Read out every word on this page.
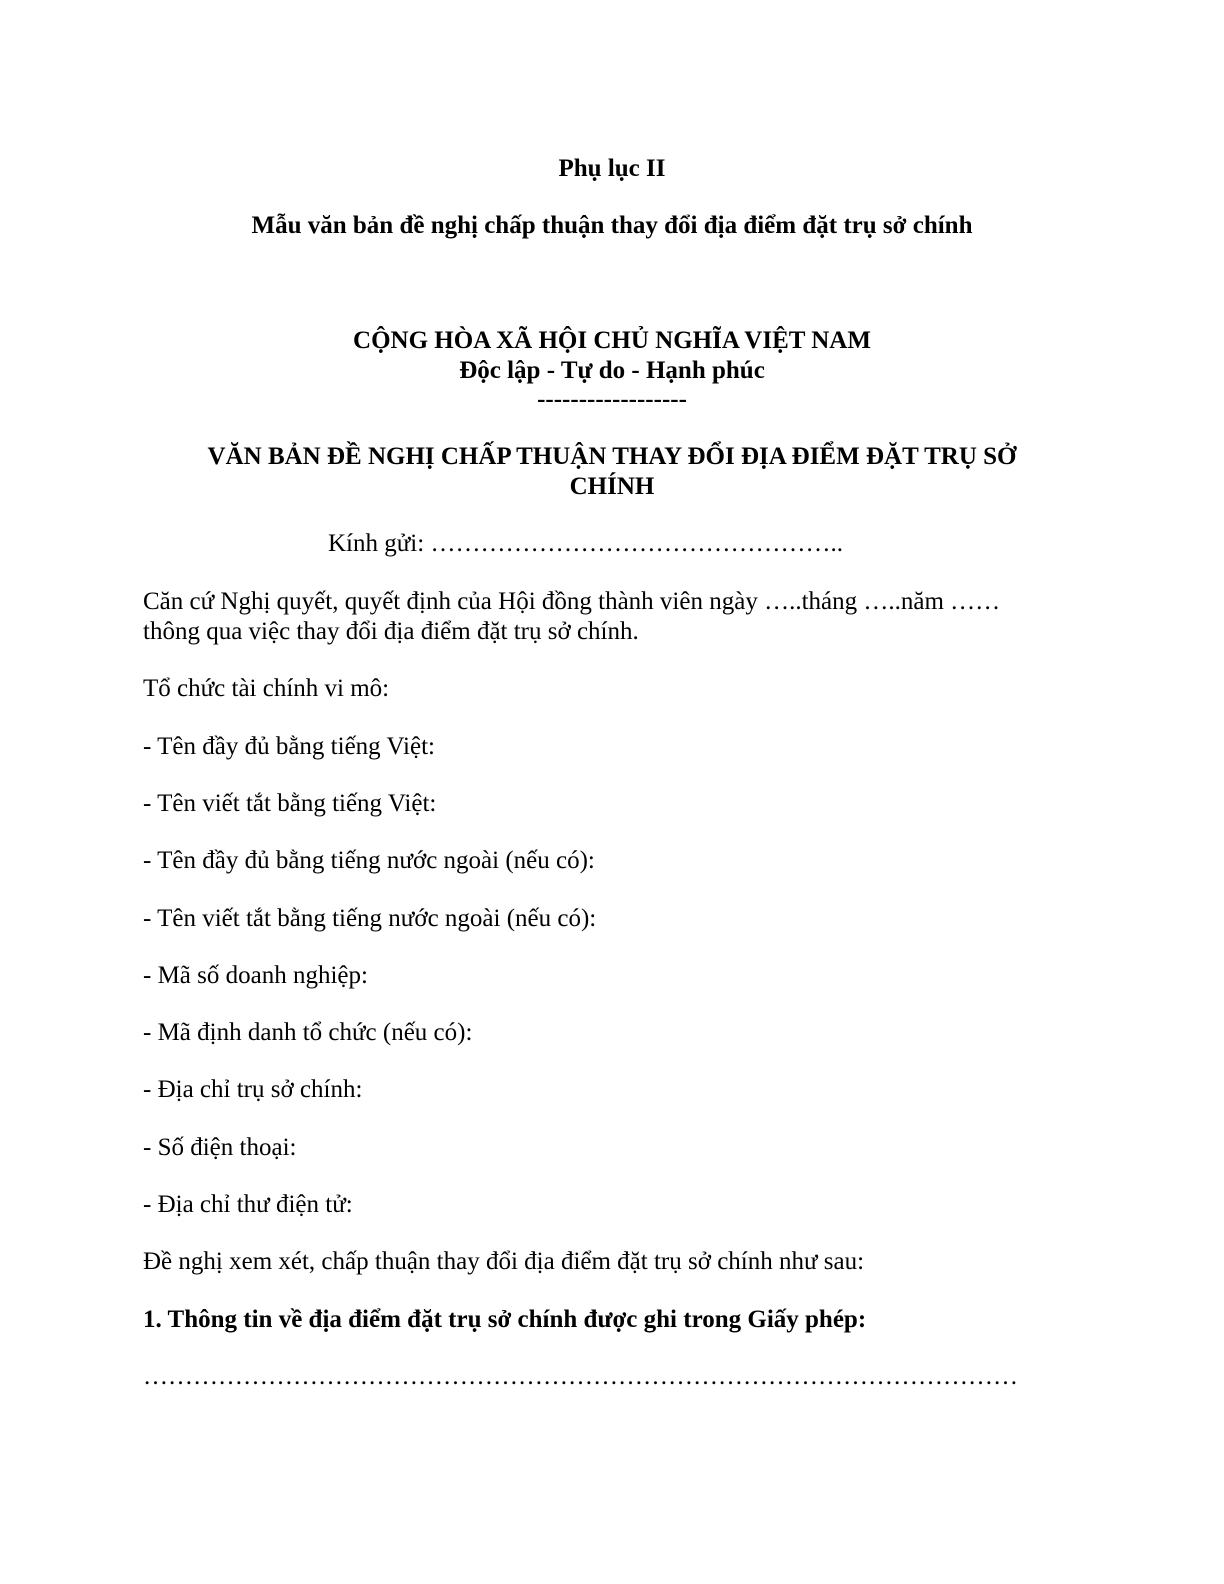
Phụ lục II
Mẫu văn bản đề nghị chấp thuận thay đổi địa điểm đặt trụ sở chính
CỘNG HÒA XÃ HỘI CHỦ NGHĨA VIỆT NAM
Độc lập - Tự do - Hạnh phúc
------------------
VĂN BẢN ĐỀ NGHỊ CHẤP THUẬN THAY ĐỔI ĐỊA ĐIỂM ĐẶT TRỤ SỞ
CHÍNH
Kính gửi: …………………………………………..
Căn cứ Nghị quyết, quyết định của Hội đồng thành viên ngày …..tháng …..năm ……
thông qua việc thay đổi địa điểm đặt trụ sở chính.
Tổ chức tài chính vi mô:
- Tên đầy đủ bằng tiếng Việt:
- Tên viết tắt bằng tiếng Việt:
- Tên đầy đủ bằng tiếng nước ngoài (nếu có):
- Tên viết tắt bằng tiếng nước ngoài (nếu có):
- Mã số doanh nghiệp:
- Mã định danh tổ chức (nếu có):
- Địa chỉ trụ sở chính:
- Số điện thoại:
- Địa chỉ thư điện tử:
Đề nghị xem xét, chấp thuận thay đổi địa điểm đặt trụ sở chính như sau:
1. Thông tin về địa điểm đặt trụ sở chính được ghi trong Giấy phép:
……………………………………………………………………………………………
